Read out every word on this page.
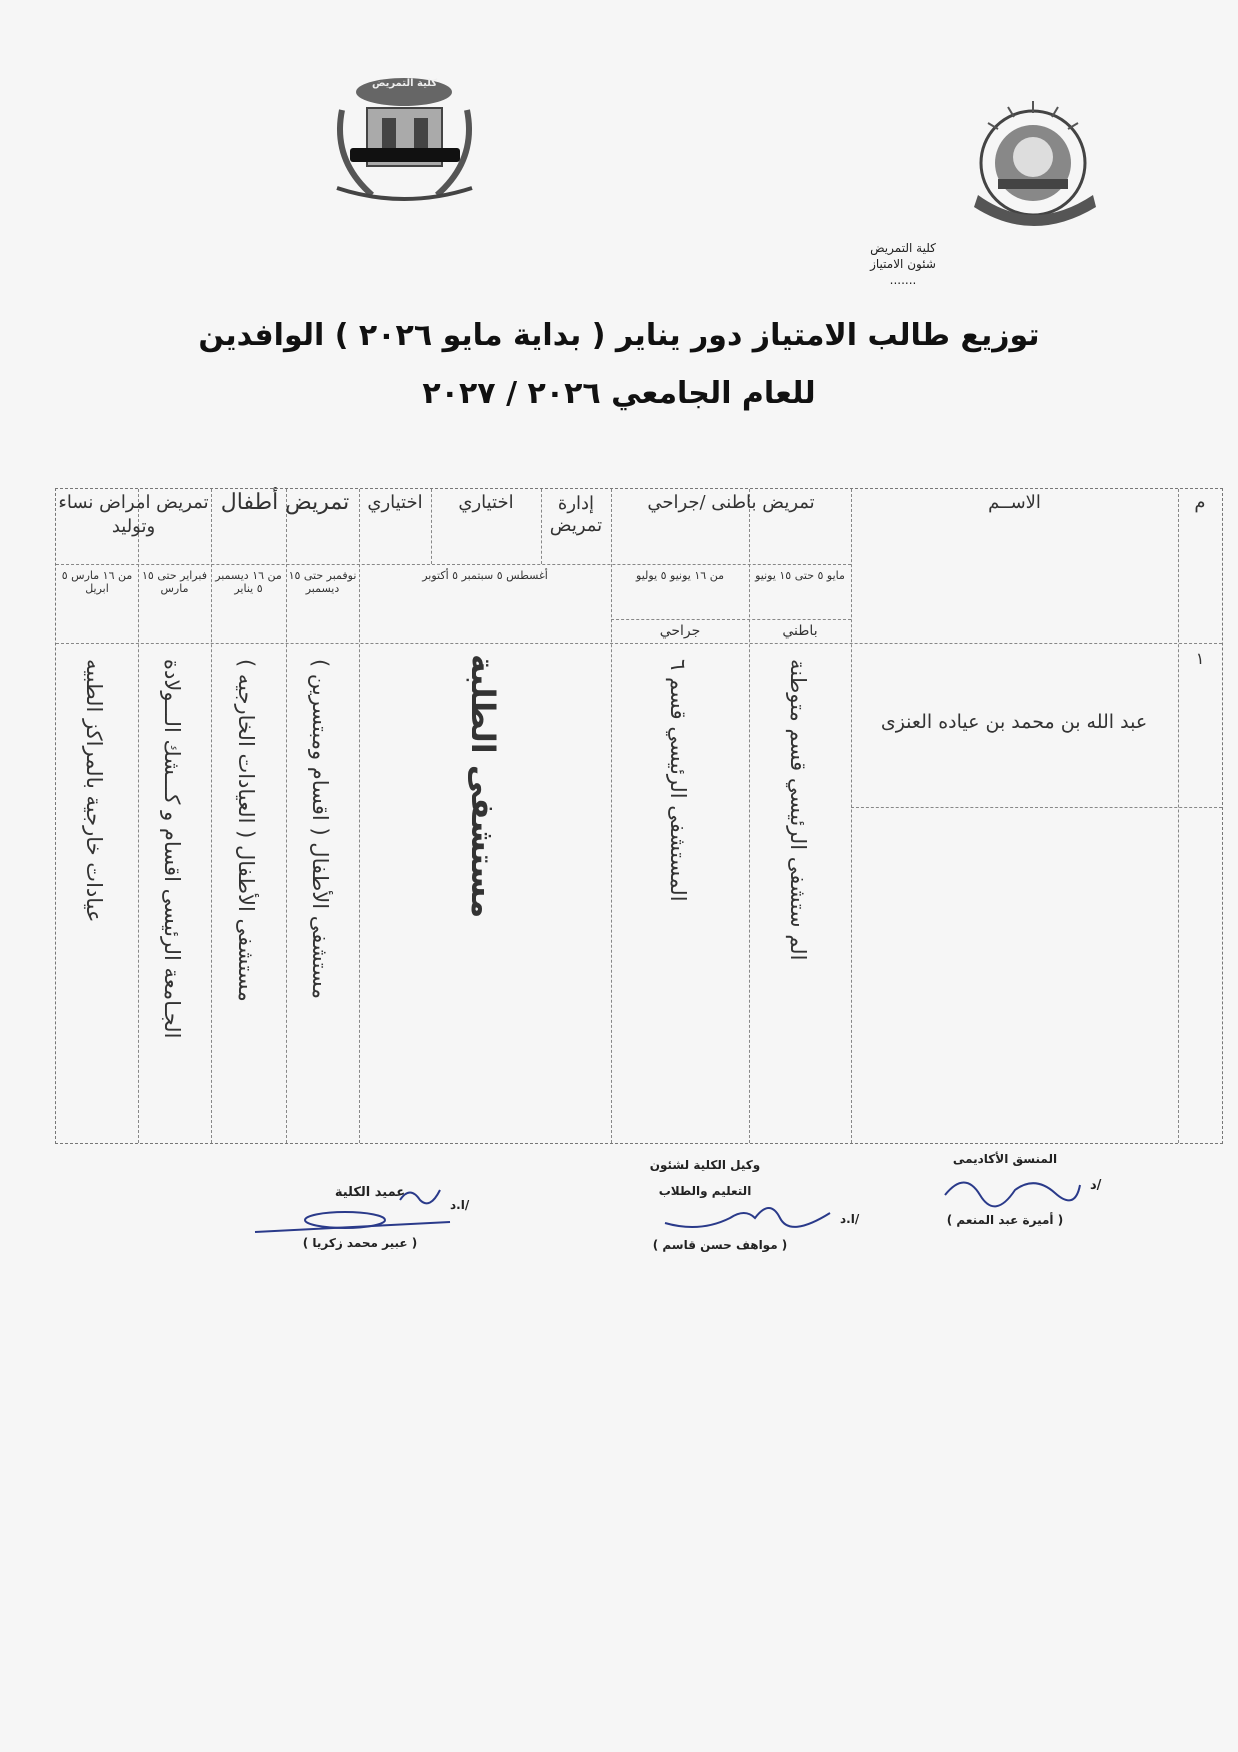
كلية التمريض
شئون الامتياز
.......
كلية التمريض
توزيع طالب الامتياز دور يناير ( بداية مايو ٢٠٢٦ ) الوافدين
للعام الجامعي ٢٠٢٦ / ٢٠٢٧
م
الاســم
تمريض باطنى /جراحي
إدارة تمريض
اختياري
اختياري
تمريض أطفال
تمريض امراض نساء وتوليد
مايو ٥ حتى ١٥ يونيو
من ١٦ يونيو ٥ يوليو
باطني
جراحي
أغسطس ٥ سبتمبر ٥ أكتوبر
نوفمبر حتى ١٥ ديسمبر
من ١٦ ديسمبر ٥ يناير
فبراير حتى ١٥ مارس
من ١٦ مارس ٥ ابريل
١
عبد الله بن محمد بن عياده العنزى
الم ستشفى الرئيسي قسم متوطنة
المستشفى الرئيسي قسم ٦
مستشفى الطلبة
مستشفى الأطفال ( اقسام ومبتسرين )
مستشفى الأطفال ( العيادات الخارجيه )
الجـامعة الرئيسى اقسام و كـــشك الـــولادة
عيادات خارجية بالمراكز الطبيه
المنسق الأكاديمى
د/
( أميرة عبد المنعم )
وكيل الكلية لشئون
التعليم والطلاب
ا.د/
( مواهف حسن قاسم )
عميد الكلية
ا.د/
( عبير محمد زكريا )
